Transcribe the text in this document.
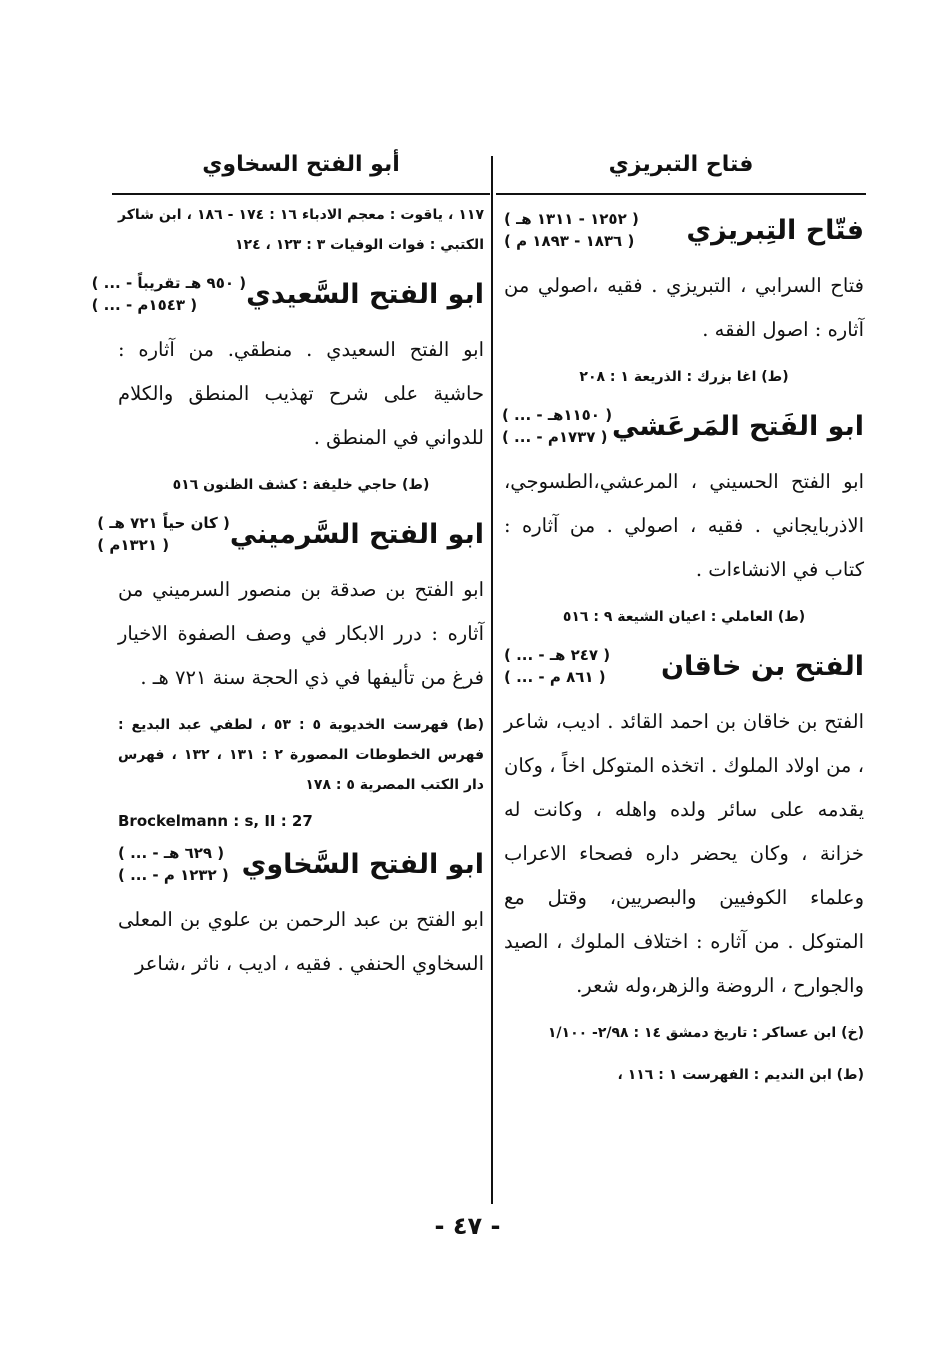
فتاح التبريزي
أبو الفتح السخاوي
فتّاح التِبريزي
( ١٢٥٢ - ١٣١١ هـ )
( ١٨٣٦ - ١٨٩٣ م )

فتاح السرابي ، التبريزي . فقيه ،اصولي من آثاره : اصول الفقه .

(ط) اغا بزرك : الذريعة ١ : ٢٠٨

ابو الفَتح المَرعَشي
( ... - ١١٥٠هـ )
( ... - ١٧٣٧م )

ابو الفتح الحسيني ، المرعشي،الطسوجي، الاذربايجاني . فقيه ، اصولي . من آثاره : كتاب في الانشاءات .

(ط) العاملي : اعيان الشيعة ٩ : ٥١٦

الفتح بن خاقان
( ... - ٢٤٧ هـ )
( ... - ٨٦١ م )

الفتح بن خاقان بن احمد القائد . اديب، شاعر ، من اولاد الملوك . اتخذه المتوكل اخاً ، وكان يقدمه على سائر ولده واهله ، وكانت له خزانة ، وكان يحضر داره فصحاء الاعراب وعلماء الكوفيين والبصريين، وقتل مع المتوكل . من آثاره : اختلاف الملوك ، الصيد والجوارح ، الروضة والزهر،وله شعر.

(خ) ابن عساكر : تاريخ دمشق ١٤ : ٢/٩٨- ١/١٠٠

(ط) ابن النديم : الفهرست ١ : ١١٦ ،

١١٧ ، ياقوت : معجم الادباء ١٦ : ١٧٤ - ١٨٦ ، ابن شاكر الكتبي : فوات الوفيات ٣ : ١٢٣ ، ١٢٤

ابو الفتح السَّعيدي
( ... - ٩٥٠ هـ تقريباً )
( ... - ١٥٤٣م )

ابو الفتح السعيدي . منطقي. من آثاره : حاشية على شرح تهذيب المنطق والكلام للدواني في المنطق .

(ط) حاجي خليفة : كشف الظنون ٥١٦

ابو الفتح السَّرميني
( كان حياً ٧٢١ هـ )
( ١٣٢١م )

ابو الفتح بن صدقة بن منصور السرميني من آثاره : درر الابكار في وصف الصفوة الاخيار فرغ من تأليفها في ذي الحجة سنة ٧٢١ هـ .

(ط) فهرست الخديوية ٥ : ٥٣ ، لطفي عبد البديع : فهرس الخطوطات المصورة ٢ : ١٣١ ، ١٣٢ ، فهرس دار الكتب المصرية ٥ : ١٧٨

Brockelmann : s, II : 27

ابو الفتح السَّخاوي
( ... - ٦٢٩ هـ )
( ... - ١٢٣٢ م )

ابو الفتح بن عبد الرحمن بن علوي بن المعلى السخاوي الحنفي . فقيه ، اديب ، ناثر ،شاعر

- ٤٧ -
